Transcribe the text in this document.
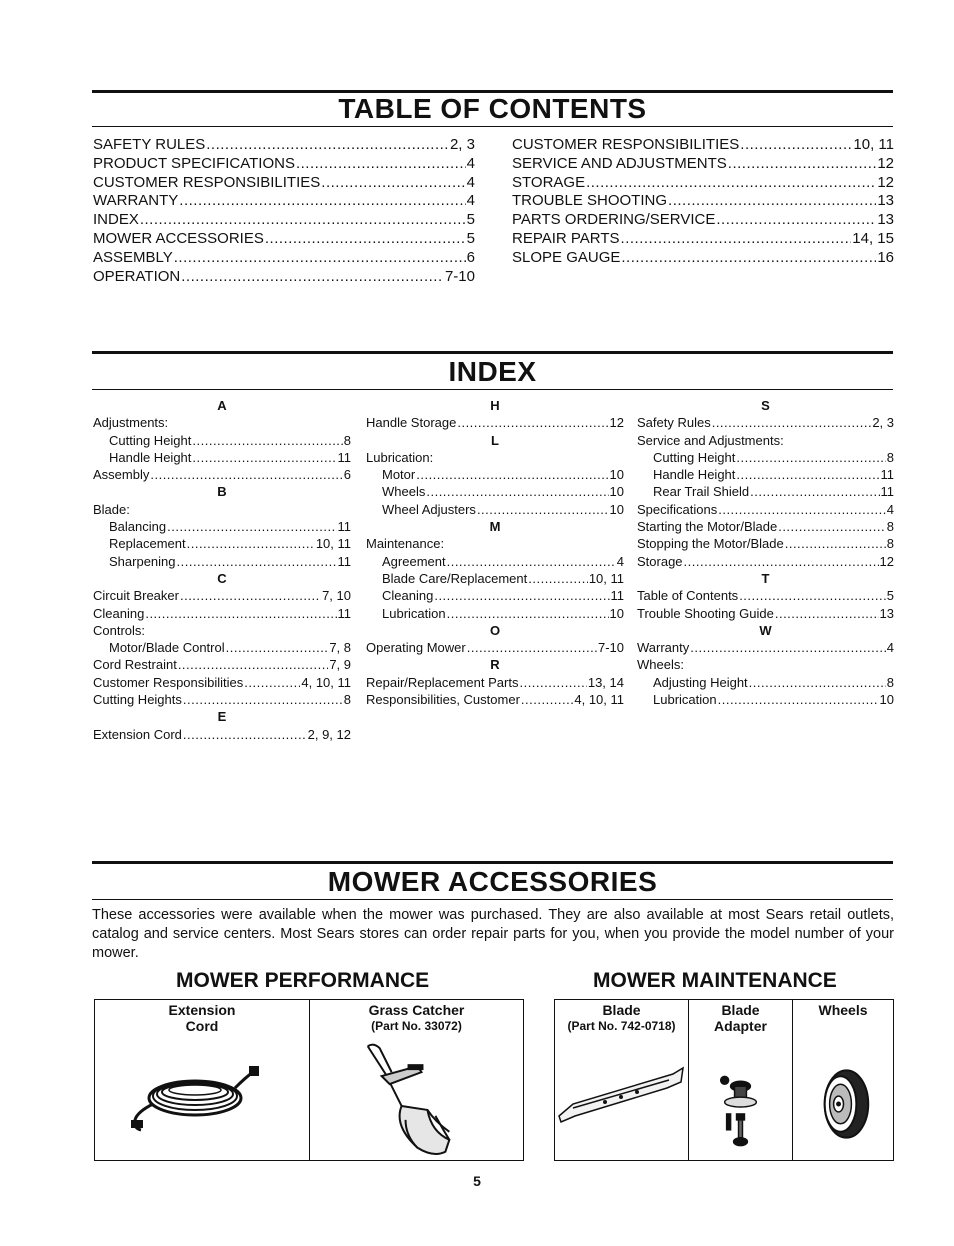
TABLE OF CONTENTS
SAFETY RULES .....	2, 3
PRODUCT SPECIFICATIONS .....	4
CUSTOMER RESPONSIBILITIES .....	4
WARRANTY .....	4
INDEX .....	5
MOWER ACCESSORIES .....	5
ASSEMBLY .....	6
OPERATION .....	7-10
CUSTOMER RESPONSIBILITIES .....	10, 11
SERVICE AND ADJUSTMENTS .....	12
STORAGE .....	12
TROUBLE SHOOTING .....	13
PARTS ORDERING/SERVICE .....	13
REPAIR PARTS .....	14, 15
SLOPE GAUGE .....	16
INDEX
A
Adjustments:
Cutting Height .....	8
Handle Height .....	11
Assembly .....	6
B
Blade:
Balancing .....	11
Replacement .....	10, 11
Sharpening .....	11
C
Circuit Breaker .....	7, 10
Cleaning .....	11
Controls:
Motor/Blade Control .....	7, 8
Cord Restraint .....	7, 9
Customer Responsibilities .....	4, 10, 11
Cutting Heights .....	8
E
Extension Cord .....	2, 9, 12
H
Handle Storage .....	12
L
Lubrication:
Motor .....	10
Wheels .....	10
Wheel Adjusters .....	10
M
Maintenance:
Agreement .....	4
Blade Care/Replacement .....	10, 11
Cleaning .....	11
Lubrication .....	10
O
Operating Mower .....	7-10
R
Repair/Replacement Parts .....	13, 14
Responsibilities, Customer .....	4, 10, 11
S
Safety Rules .....	2, 3
Service and Adjustments:
Cutting Height .....	8
Handle Height .....	11
Rear Trail Shield .....	11
Specifications .....	4
Starting the Motor/Blade .....	8
Stopping the Motor/Blade .....	8
Storage .....	12
T
Table of Contents .....	5
Trouble Shooting Guide .....	13
W
Warranty .....	4
Wheels:
Adjusting Height .....	8
Lubrication .....	10
MOWER ACCESSORIES
These accessories were available when the mower was purchased. They are also available at most Sears retail outlets, catalog and service centers. Most Sears stores can order repair parts for you, when you provide the model number of your mower.
MOWER PERFORMANCE	MOWER MAINTENANCE
Extension
Cord
Grass Catcher
(Part No. 33072)
Blade
(Part No. 742-0718)
Blade
Adapter
Wheels
5
